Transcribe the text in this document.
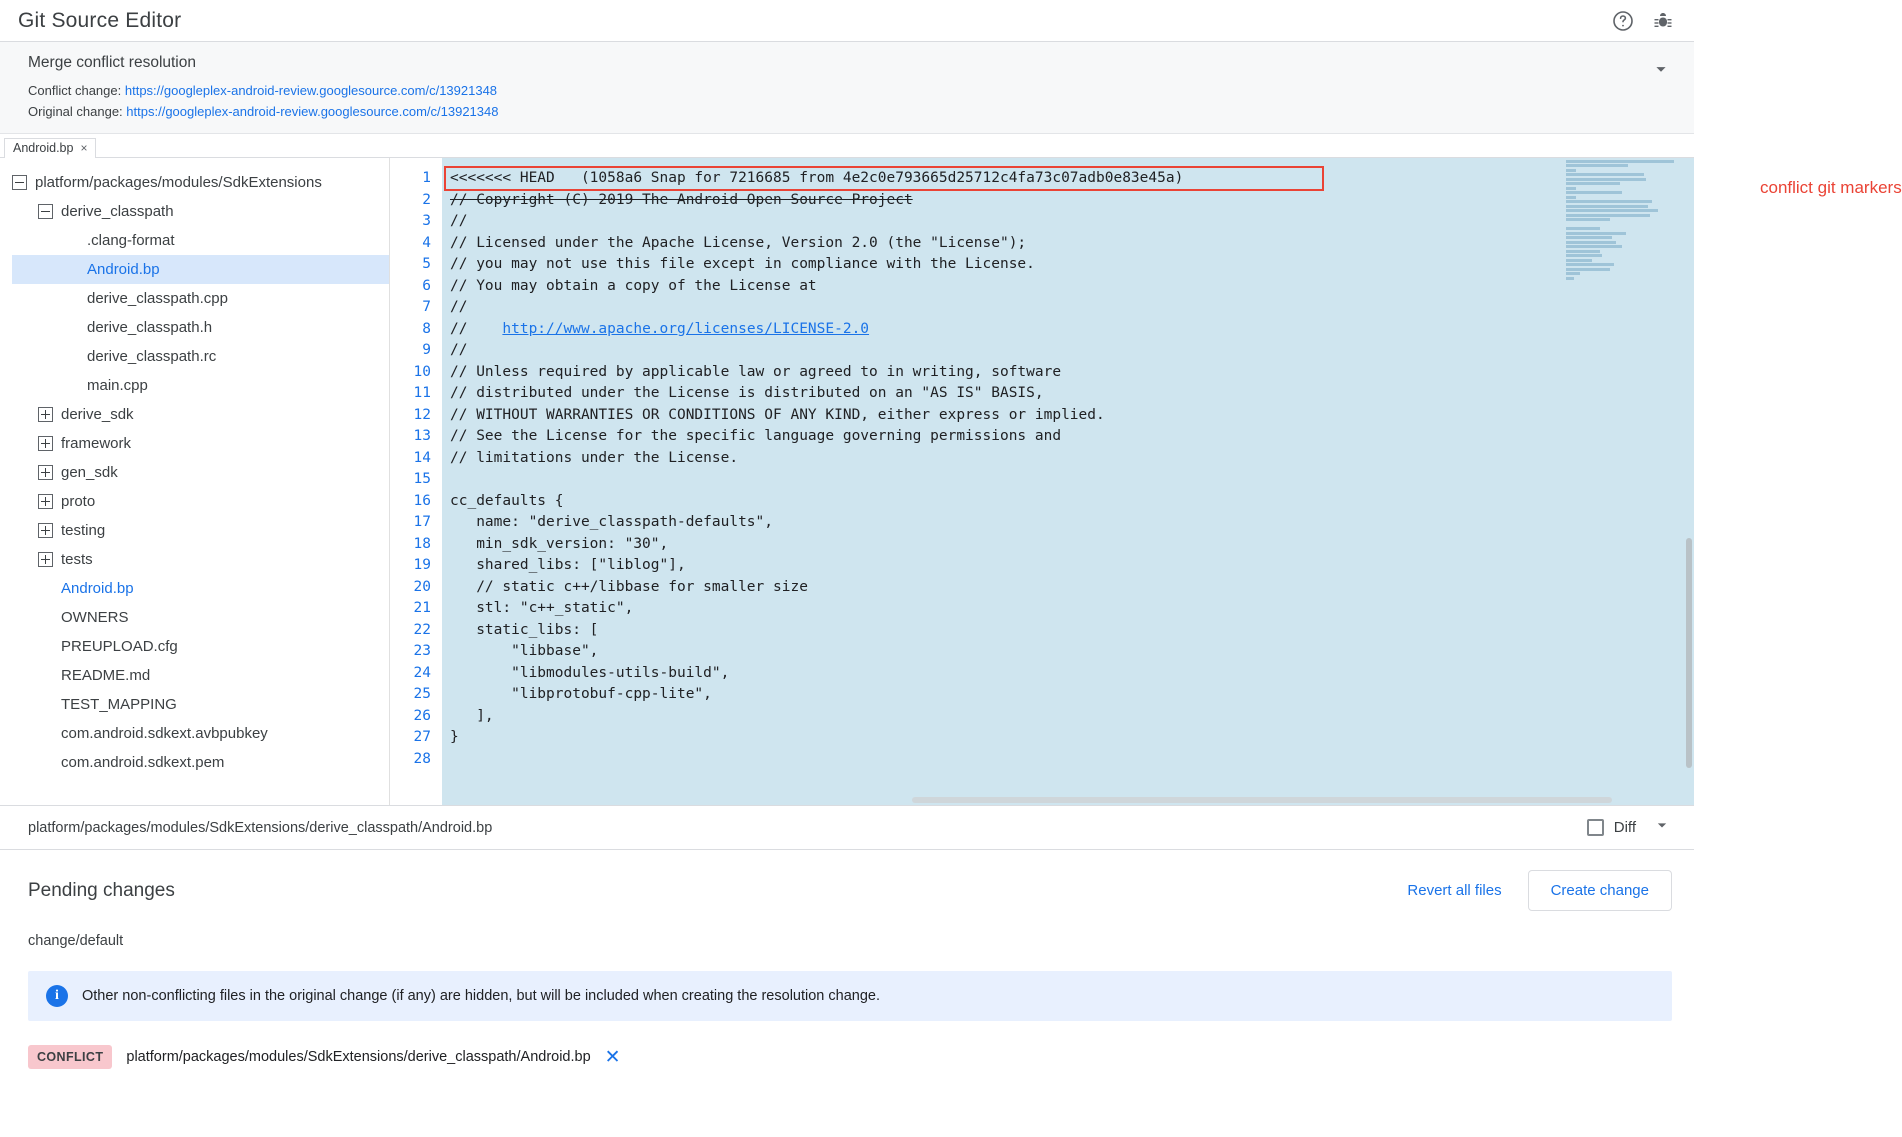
Git Source Editor
Merge conflict resolution
Conflict change: https://googleplex-android-review.googlesource.com/c/13921348
Original change: https://googleplex-android-review.googlesource.com/c/13921348
Android.bp ×
platform/packages/modules/SdkExtensions
derive_classpath
.clang-format
Android.bp
derive_classpath.cpp
derive_classpath.h
derive_classpath.rc
main.cpp
derive_sdk
framework
gen_sdk
proto
testing
tests
Android.bp
OWNERS
PREUPLOAD.cfg
README.md
TEST_MAPPING
com.android.sdkext.avbpubkey
com.android.sdkext.pem
1
2
3
4
5
6
7
8
9
10
11
12
13
14
15
16
17
18
19
20
21
22
23
24
25
26
27
28
<<<<<<< HEAD   (1058a6 Snap for 7216685 from 4e2c0e793665d25712c4fa73c07adb0e83e45a)
// Copyright (C) 2019 The Android Open Source Project
//
// Licensed under the Apache License, Version 2.0 (the "License");
// you may not use this file except in compliance with the License.
// You may obtain a copy of the License at
//
//    http://www.apache.org/licenses/LICENSE-2.0
//
// Unless required by applicable law or agreed to in writing, software
// distributed under the License is distributed on an "AS IS" BASIS,
// WITHOUT WARRANTIES OR CONDITIONS OF ANY KIND, either express or implied.
// See the License for the specific language governing permissions and
// limitations under the License.

cc_defaults {
name: "derive_classpath-defaults",
min_sdk_version: "30",
shared_libs: ["liblog"],
// static c++/libbase for smaller size
stl: "c++_static",
static_libs: [
"libbase",
"libmodules-utils-build",
"libprotobuf-cpp-lite",
],
}
conflict git markers
platform/packages/modules/SdkExtensions/derive_classpath/Android.bp	Diff
Pending changes	Revert all files	Create change
change/default
i	Other non-conflicting files in the original change (if any) are hidden, but will be included when creating the resolution change.
CONFLICT	platform/packages/modules/SdkExtensions/derive_classpath/Android.bp ✕
